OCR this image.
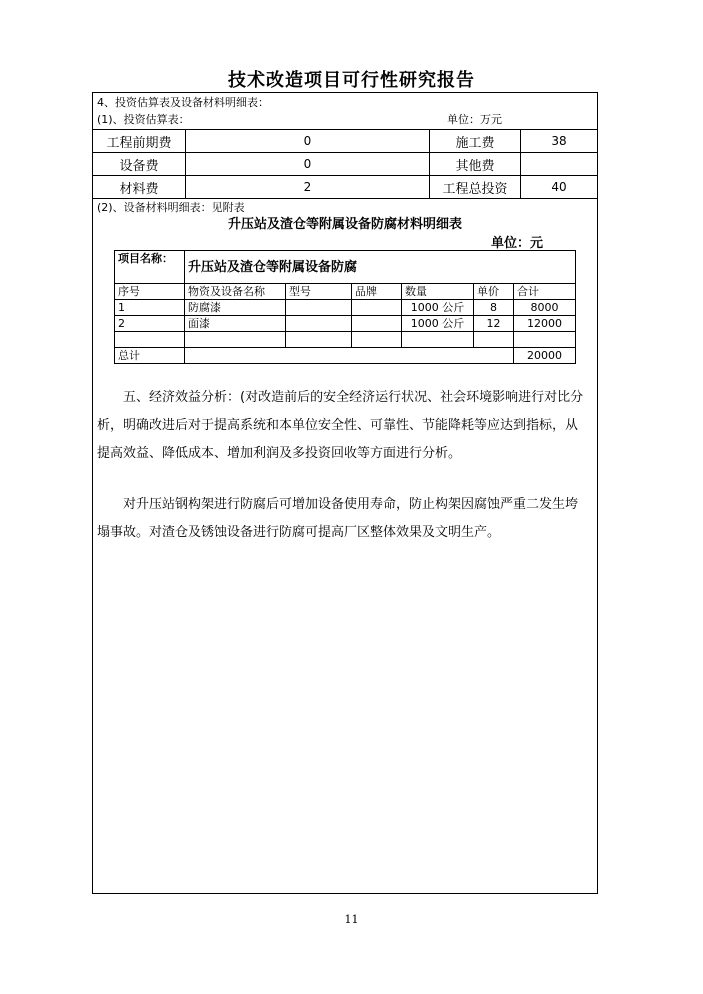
技术改造项目可行性研究报告
4、投资估算表及设备材料明细表：
(1)、投资估算表：	单位：万元
工程前期费	0	施工费	38
设备费	0	其他费	
材料费	2	工程总投资	40
(2)、设备材料明细表：见附表
升压站及渣仓等附属设备防腐材料明细表
单位：元
项目名称：	升压站及渣仓等附属设备防腐					
序号	物资及设备名称	型号	品牌	数量	单价	合计
1	防腐漆			1000 公斤	8	8000
2	面漆			1000 公斤	12	12000

总计						20000

五、经济效益分析：(对改造前后的安全经济运行状况、社会环境影响进行对比分析，明确改进后对于提高系统和本单位安全性、可靠性、节能降耗等应达到指标，从提高效益、降低成本、增加利润及多投资回收等方面进行分析。

对升压站钢构架进行防腐后可增加设备使用寿命，防止构架因腐蚀严重二发生垮塌事故。对渣仓及锈蚀设备进行防腐可提高厂区整体效果及文明生产。

11
